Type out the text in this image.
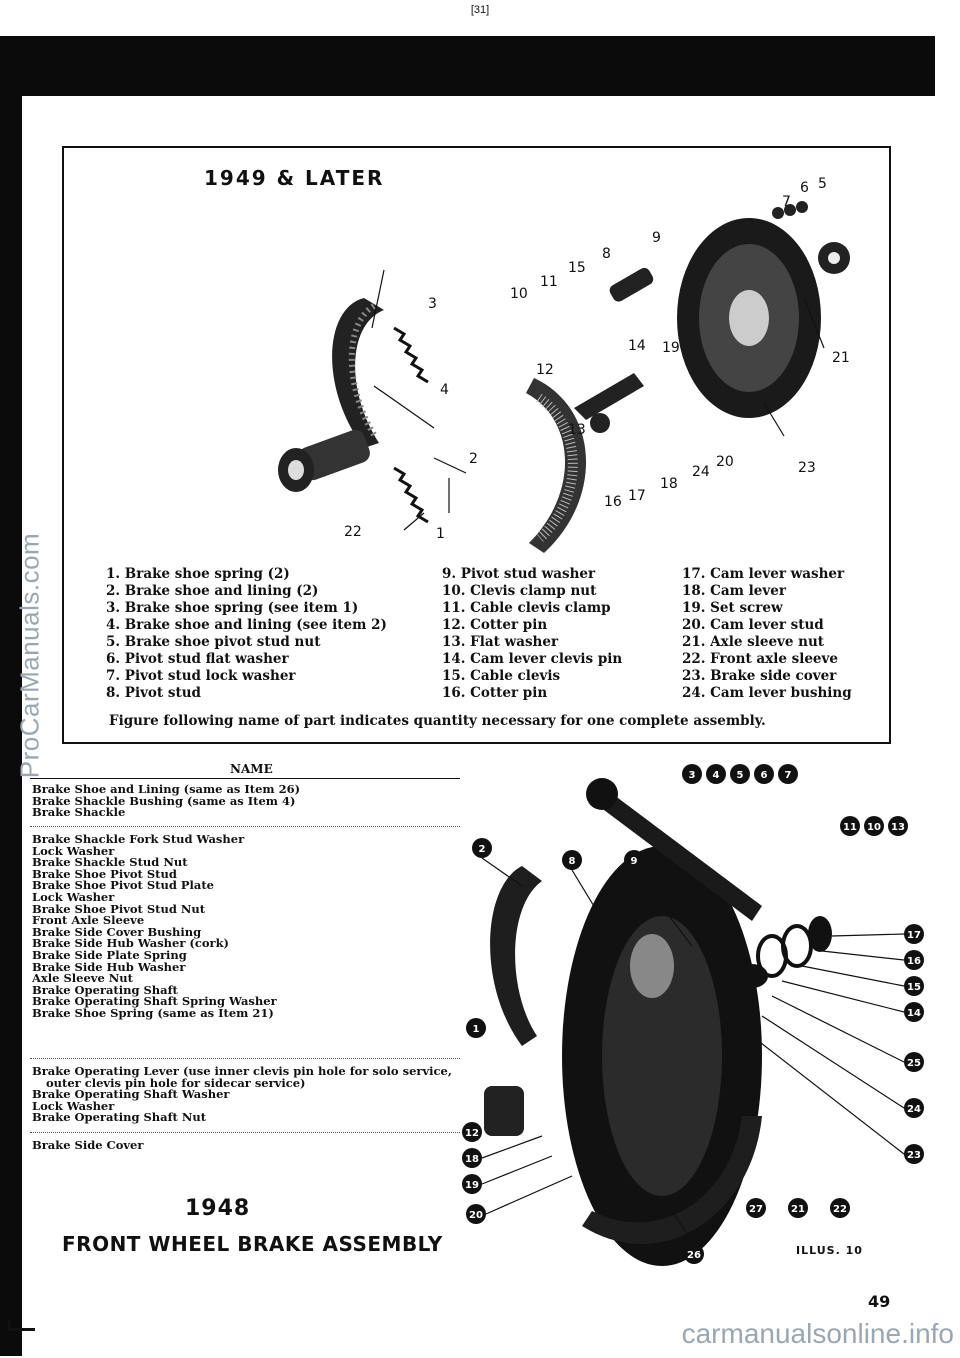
[31]
ProCarManuals.com
1949 & LATER
1
2
3
4
5
6
7
8
9
10
11
12
13
14
15
16 17
18
19
20
21
22
23
24
1. Brake shoe spring (2)
2. Brake shoe and lining (2)
3. Brake shoe spring (see item 1)
4. Brake shoe and lining (see item 2)
5. Brake shoe pivot stud nut
6. Pivot stud flat washer
7. Pivot stud lock washer
8. Pivot stud
9. Pivot stud washer
10. Clevis clamp nut
11. Cable clevis clamp
12. Cotter pin
13. Flat washer
14. Cam lever clevis pin
15. Cable clevis
16. Cotter pin
17. Cam lever washer
18. Cam lever
19. Set screw
20. Cam lever stud
21. Axle sleeve nut
22. Front axle sleeve
23. Brake side cover
24. Cam lever bushing
Figure following name of part indicates quantity necessary for one complete assembly.
NAME
Brake Shoe and Lining (same as Item 26)
Brake Shackle Bushing (same as Item 4)
Brake Shackle
Brake Shackle Fork Stud Washer
Lock Washer
Brake Shackle Stud Nut
Brake Shoe Pivot Stud
Brake Shoe Pivot Stud Plate
Lock Washer
Brake Shoe Pivot Stud Nut
Front Axle Sleeve
Brake Side Cover Bushing
Brake Side Hub Washer (cork)
Brake Side Plate Spring
Brake Side Hub Washer
Axle Sleeve Nut
Brake Operating Shaft
Brake Operating Shaft Spring Washer
Brake Shoe Spring (same as Item 21)
Brake Operating Lever (use inner clevis pin hole for solo service,
outer clevis pin hole for sidecar service)
Brake Operating Shaft Washer
Lock Washer
Brake Operating Shaft Nut
Brake Side Cover
1948
FRONT WHEEL BRAKE ASSEMBLY
3 4 5 6 7
11 10 13
2
8	9
17
16
15
14
1
25
24
12
23
18
19
27	21	22
20
26	ILLUS. 10
49
carmanualsonline.info
